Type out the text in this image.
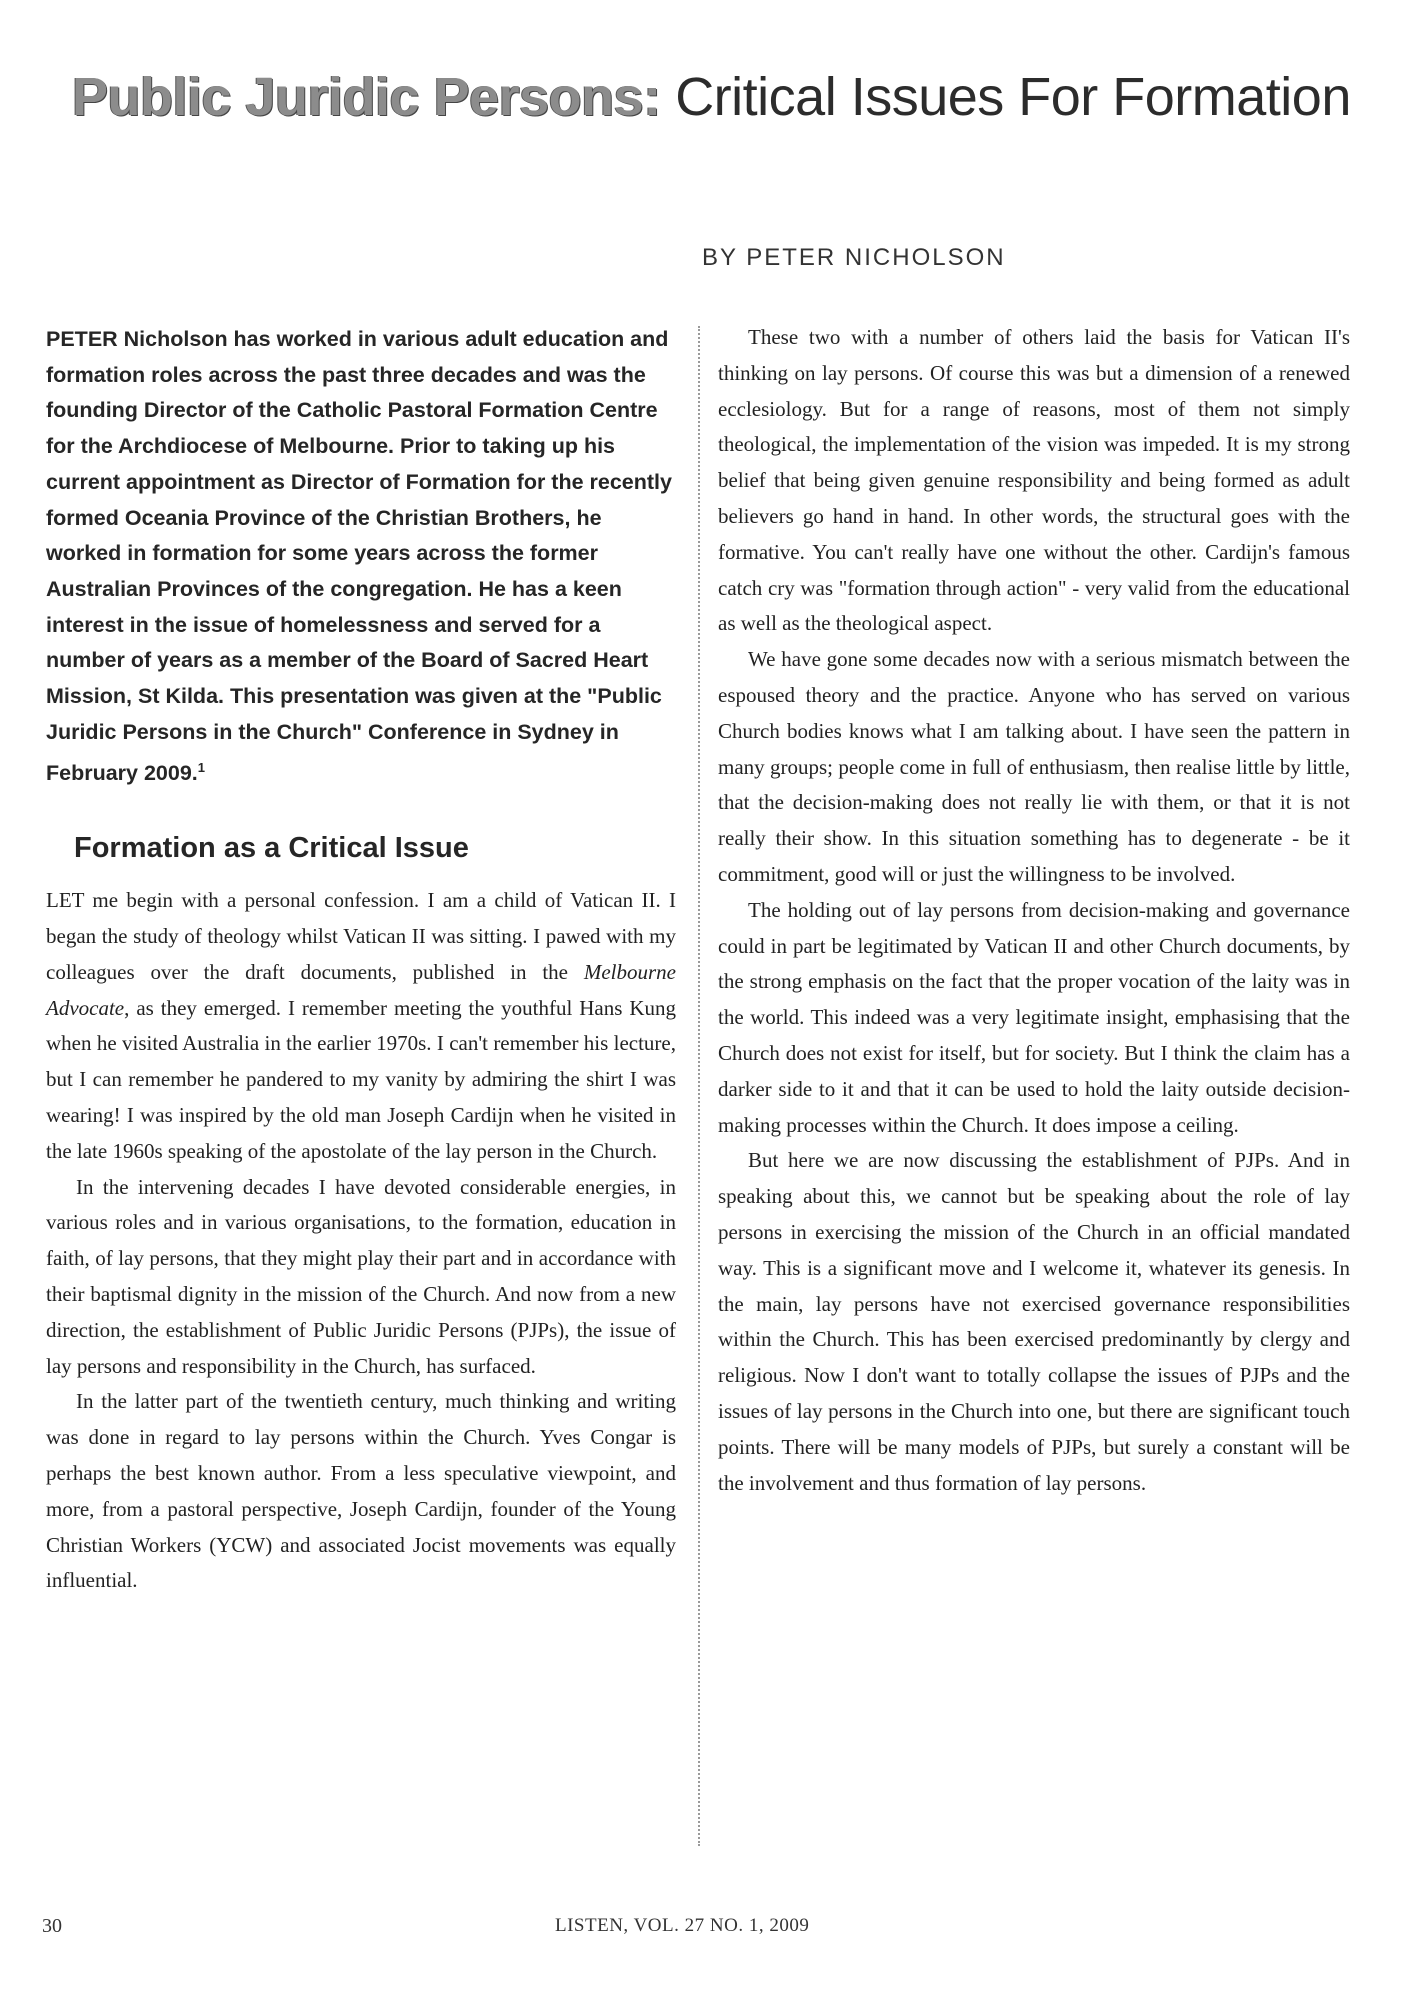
Public Juridic Persons: Critical Issues For Formation
BY PETER NICHOLSON

PETER Nicholson has worked in various adult education and formation roles across the past three decades and was the founding Director of the Catholic Pastoral Formation Centre for the Archdiocese of Melbourne. Prior to taking up his current appointment as Director of Formation for the recently formed Oceania Province of the Christian Brothers, he worked in formation for some years across the former Australian Provinces of the congregation. He has a keen interest in the issue of homelessness and served for a number of years as a member of the Board of Sacred Heart Mission, St Kilda. This presentation was given at the "Public Juridic Persons in the Church" Conference in Sydney in February 2009.$^1$

Formation as a Critical Issue

LET me begin with a personal confession. I am a child of Vatican II. I began the study of theology whilst Vatican II was sitting. I pawed with my colleagues over the draft documents, published in the Melbourne Advocate, as they emerged. I remember meeting the youthful Hans Kung when he visited Australia in the earlier 1970s. I can't remember his lecture, but I can remember he pandered to my vanity by admiring the shirt I was wearing! I was inspired by the old man Joseph Cardijn when he visited in the late 1960s speaking of the apostolate of the lay person in the Church.

In the intervening decades I have devoted considerable energies, in various roles and in various organisations, to the formation, education in faith, of lay persons, that they might play their part and in accordance with their baptismal dignity in the mission of the Church. And now from a new direction, the establishment of Public Juridic Persons (PJPs), the issue of lay persons and responsibility in the Church, has surfaced.

In the latter part of the twentieth century, much thinking and writing was done in regard to lay persons within the Church. Yves Congar is perhaps the best known author. From a less speculative viewpoint, and more, from a pastoral perspective, Joseph Cardijn, founder of the Young Christian Workers (YCW) and associated Jocist movements was equally influential.

These two with a number of others laid the basis for Vatican II's thinking on lay persons. Of course this was but a dimension of a renewed ecclesiology. But for a range of reasons, most of them not simply theological, the implementation of the vision was impeded. It is my strong belief that being given genuine responsibility and being formed as adult believers go hand in hand. In other words, the structural goes with the formative. You can't really have one without the other. Cardijn's famous catch cry was "formation through action" - very valid from the educational as well as the theological aspect.

We have gone some decades now with a serious mismatch between the espoused theory and the practice. Anyone who has served on various Church bodies knows what I am talking about. I have seen the pattern in many groups; people come in full of enthusiasm, then realise little by little, that the decision-making does not really lie with them, or that it is not really their show. In this situation something has to degenerate - be it commitment, good will or just the willingness to be involved.

The holding out of lay persons from decision-making and governance could in part be legitimated by Vatican II and other Church documents, by the strong emphasis on the fact that the proper vocation of the laity was in the world. This indeed was a very legitimate insight, emphasising that the Church does not exist for itself, but for society. But I think the claim has a darker side to it and that it can be used to hold the laity outside decision-making processes within the Church. It does impose a ceiling.

But here we are now discussing the establishment of PJPs. And in speaking about this, we cannot but be speaking about the role of lay persons in exercising the mission of the Church in an official mandated way. This is a significant move and I welcome it, whatever its genesis. In the main, lay persons have not exercised governance responsibilities within the Church. This has been exercised predominantly by clergy and religious. Now I don't want to totally collapse the issues of PJPs and the issues of lay persons in the Church into one, but there are significant touch points. There will be many models of PJPs, but surely a constant will be the involvement and thus formation of lay persons.

30	LISTEN, VOL. 27 NO. 1, 2009
